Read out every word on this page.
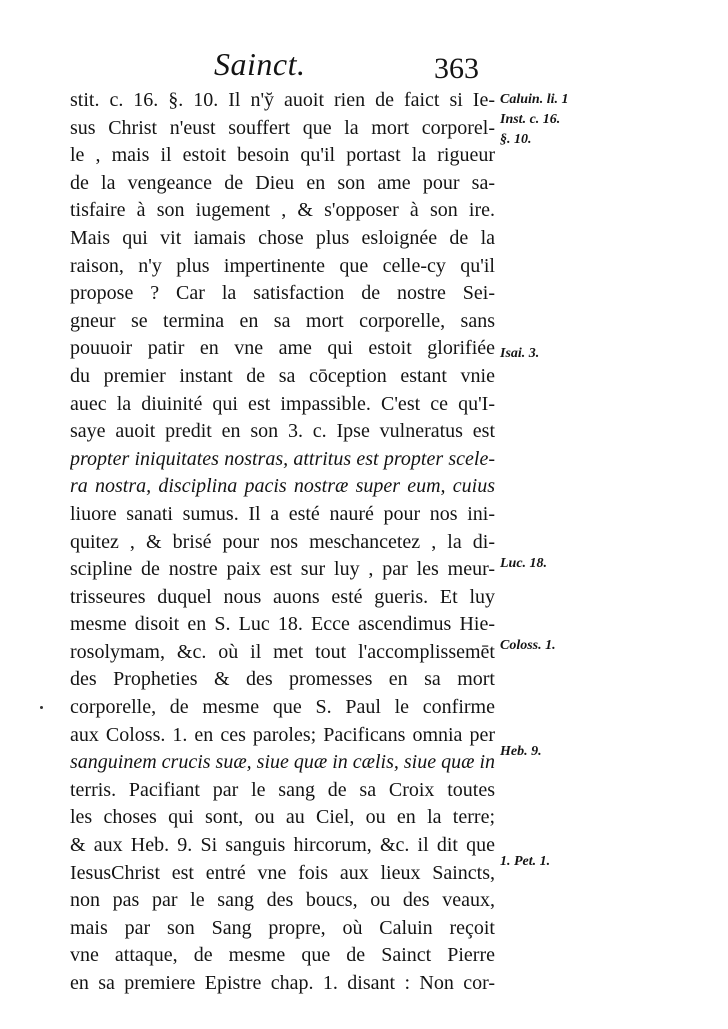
Sainct.	363
stit. c. 16. §. 10. Il n'y̆ auoit rien de faict si Ie-
sus Christ n'eust souffert que la mort corporel-
le , mais il estoit besoin qu'il portast la rigueur
de la vengeance de Dieu en son ame pour sa-
tisfaire à son iugement , & s'opposer à son ire.
Mais qui vit iamais chose plus esloignée de la
raison, n'y plus impertinente que celle-cy qu'il
propose ? Car la satisfaction de nostre Sei-
gneur se termina en sa mort corporelle, sans
pouuoir patir en vne ame qui estoit glorifiée
du premier instant de sa cōception estant vnie
auec la diuinité qui est impassible. C'est ce qu'I-
saye auoit predit en son 3. c. Ipse vulneratus est
propter iniquitates nostras, attritus est propter scele-
ra nostra, disciplina pacis nostræ super eum, cuius
liuore sanati sumus. Il a esté nauré pour nos ini-
quitez , & brisé pour nos meschancetez , la di-
scipline de nostre paix est sur luy , par les meur-
trisseures duquel nous auons esté gueris. Et luy
mesme disoit en S. Luc 18. Ecce ascendimus Hie-
rosolymam, &c. où il met tout l'accomplissemēt
des Propheties & des promesses en sa mort
corporelle, de mesme que S. Paul le confirme
aux Coloss. 1. en ces paroles; Pacificans omnia per
sanguinem crucis suæ, siue quæ in cælis, siue quæ in
terris. Pacifiant par le sang de sa Croix toutes
les choses qui sont, ou au Ciel, ou en la terre;
& aux Heb. 9. Si sanguis hircorum, &c. il dit que
IesusChrist est entré vne fois aux lieux Saincts,
non pas par le sang des boucs, ou des veaux,
mais par son Sang propre, où Caluin reçoit
vne attaque, de mesme que de Sainct Pierre
en sa premiere Epistre chap. 1. disant : Non cor-
Caluin. li. 1
Inst. c. 16.
§. 10.
Isai. 3.
Luc. 18.
Coloss. 1.
Heb. 9.
1. Pet. 1.
